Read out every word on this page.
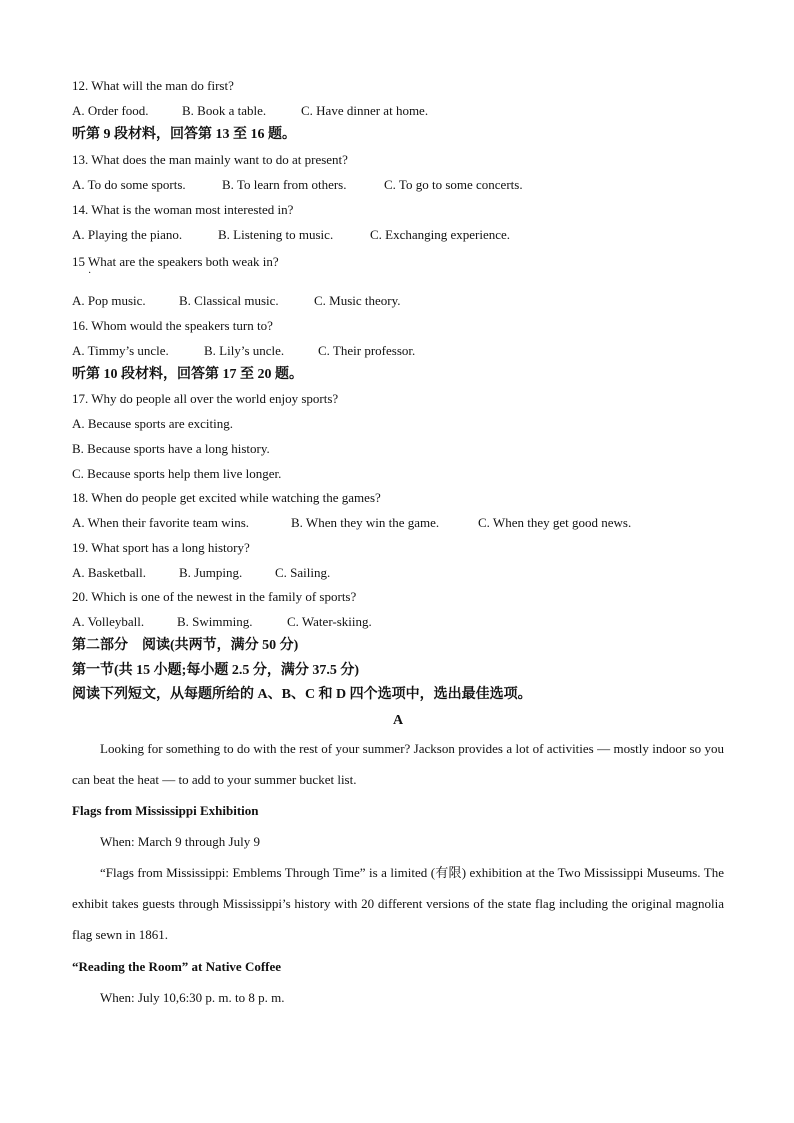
12. What will the man do first?
A. Order food.	B. Book a table.	C. Have dinner at home.
听第 9 段材料，回答第 13 至 16 题。
13. What does the man mainly want to do at present?
A. To do some sports.	B. To learn from others.	C. To go to some concerts.
14. What is the woman most interested in?
A. Playing the piano.	B. Listening to music.	C. Exchanging experience.
15 What are the speakers both weak in?
·
A. Pop music.	B. Classical music.	C. Music theory.
16. Whom would the speakers turn to?
A. Timmy’s uncle.	B. Lily’s uncle.	C. Their professor.
听第 10 段材料，回答第 17 至 20 题。
17. Why do people all over the world enjoy sports?
A. Because sports are exciting.
B. Because sports have a long history.
C. Because sports help them live longer.
18. When do people get excited while watching the games?
A. When their favorite team wins.	B. When they win the game.	C. When they get good news.
19. What sport has a long history?
A. Basketball.	B. Jumping.	C. Sailing.
20. Which is one of the newest in the family of sports?
A. Volleyball.	B. Swimming.	C. Water-skiing.
第二部分　阅读(共两节，满分 50 分)
第一节(共 15 小题;每小题 2.5 分，满分 37.5 分)
阅读下列短文，从每题所给的 A、B、C 和 D 四个选项中，选出最佳选项。
A
Looking for something to do with the rest of your summer? Jackson provides a lot of activities — mostly indoor so you can beat the heat — to add to your summer bucket list.
Flags from Mississippi Exhibition
When: March 9 through July 9
“Flags from Mississippi: Emblems Through Time” is a limited (有限) exhibition at the Two Mississippi Museums. The exhibit takes guests through Mississippi’s history with 20 different versions of the state flag including the original magnolia flag sewn in 1861.
“Reading the Room” at Native Coffee
When: July 10,6:30 p. m. to 8 p. m.
